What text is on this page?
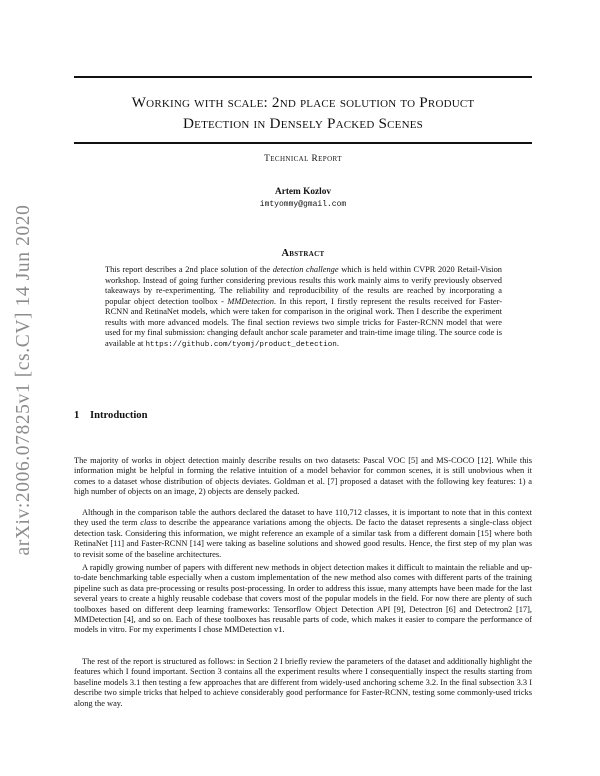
arXiv:2006.07825v1 [cs.CV] 14 Jun 2020
Working with scale: 2nd place solution to Product
Detection in Densely Packed Scenes
Technical Report
Artem Kozlov
imtyommy@gmail.com
Abstract
This report describes a 2nd place solution of the detection challenge which is held within CVPR 2020 Retail-Vision workshop. Instead of going further considering previous results this work mainly aims to verify previously observed takeaways by re-experimenting. The reliability and reproducibility of the results are reached by incorporating a popular object detection toolbox - MMDetection. In this report, I firstly represent the results received for Faster-RCNN and RetinaNet models, which were taken for comparison in the original work. Then I describe the experiment results with more advanced models. The final section reviews two simple tricks for Faster-RCNN model that were used for my final submission: changing default anchor scale parameter and train-time image tiling. The source code is available at https://github.com/tyomj/product_detection.
1 Introduction
The majority of works in object detection mainly describe results on two datasets: Pascal VOC [5] and MS-COCO [12]. While this information might be helpful in forming the relative intuition of a model behavior for common scenes, it is still unobvious when it comes to a dataset whose distribution of objects deviates. Goldman et al. [7] proposed a dataset with the following key features: 1) a high number of objects on an image, 2) objects are densely packed.
Although in the comparison table the authors declared the dataset to have 110,712 classes, it is important to note that in this context they used the term class to describe the appearance variations among the objects. De facto the dataset represents a single-class object detection task. Considering this information, we might reference an example of a similar task from a different domain [15] where both RetinaNet [11] and Faster-RCNN [14] were taking as baseline solutions and showed good results. Hence, the first step of my plan was to revisit some of the baseline architectures.
A rapidly growing number of papers with different new methods in object detection makes it difficult to maintain the reliable and up-to-date benchmarking table especially when a custom implementation of the new method also comes with different parts of the training pipeline such as data pre-processing or results post-processing. In order to address this issue, many attempts have been made for the last several years to create a highly reusable codebase that covers most of the popular models in the field. For now there are plenty of such toolboxes based on different deep learning frameworks: Tensorflow Object Detection API [9], Detectron [6] and Detectron2 [17], MMDetection [4], and so on. Each of these toolboxes has reusable parts of code, which makes it easier to compare the performance of models in vitro. For my experiments I chose MMDetection v1.
The rest of the report is structured as follows: in Section 2 I briefly review the parameters of the dataset and additionally highlight the features which I found important. Section 3 contains all the experiment results where I consequentially inspect the results starting from baseline models 3.1 then testing a few approaches that are different from widely-used anchoring scheme 3.2. In the final subsection 3.3 I describe two simple tricks that helped to achieve considerably good performance for Faster-RCNN, testing some commonly-used tricks along the way.
